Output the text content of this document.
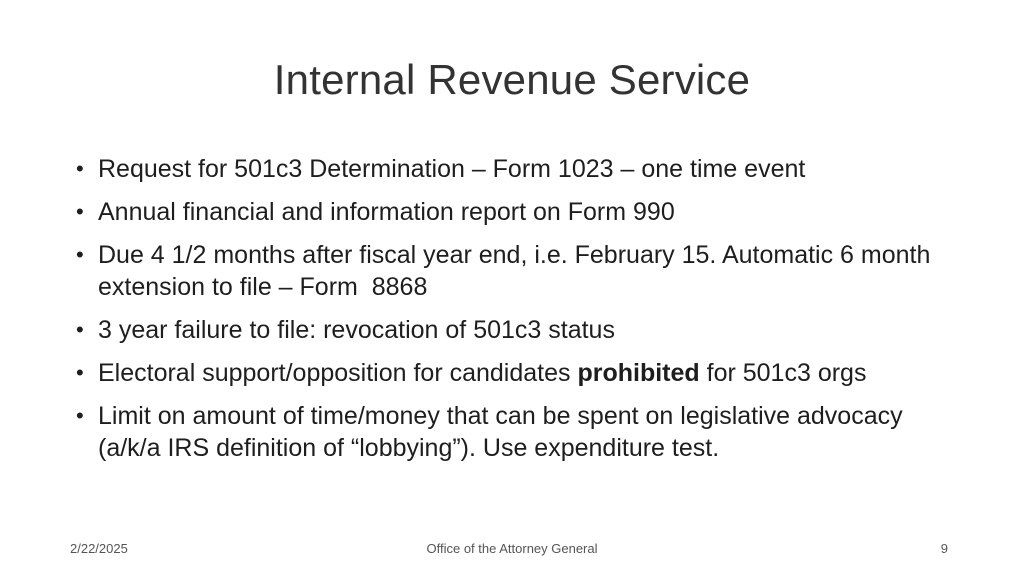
Internal Revenue Service
• Request for 501c3 Determination – Form 1023 – one time event
• Annual financial and information report on Form 990
• Due 4 1/2 months after fiscal year end, i.e. February 15. Automatic 6 month extension to file – Form  8868
• 3 year failure to file: revocation of 501c3 status
• Electoral support/opposition for candidates prohibited for 501c3 orgs
• Limit on amount of time/money that can be spent on legislative advocacy (a/k/a IRS definition of “lobbying”). Use expenditure test.
2/22/2025	Office of the Attorney General	9
